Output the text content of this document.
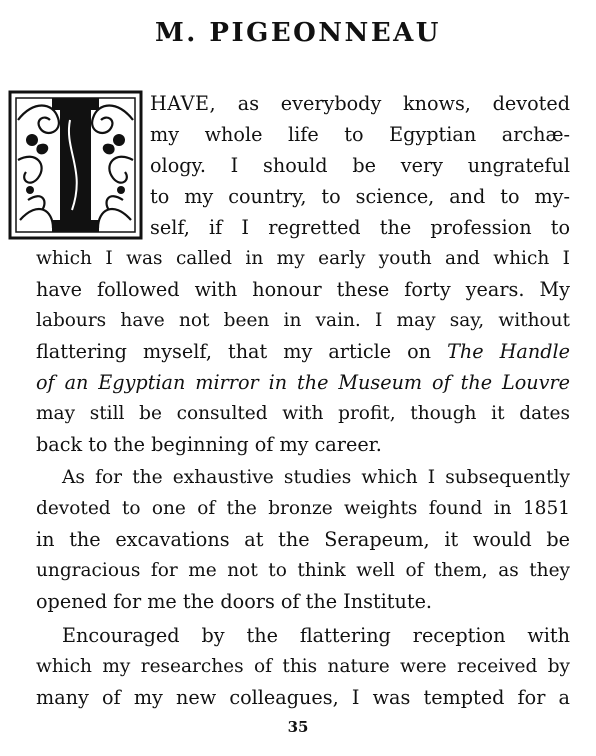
M. PIGEONNEAU
HAVE, as everybody knows, devoted
my whole life to Egyptian archæ-
ology. I should be very ungrateful
to my country, to science, and to my-
self, if I regretted the profession to
which I was called in my early youth and which I
have followed with honour these forty years. My
labours have not been in vain. I may say, without
flattering myself, that my article on The Handle
of an Egyptian mirror in the Museum of the Louvre
may still be consulted with profit, though it dates
back to the beginning of my career.
As for the exhaustive studies which I subsequently
devoted to one of the bronze weights found in 1851
in the excavations at the Serapeum, it would be
ungracious for me not to think well of them, as they
opened for me the doors of the Institute.
Encouraged by the flattering reception with
which my researches of this nature were received by
many of my new colleagues, I was tempted for a
35
